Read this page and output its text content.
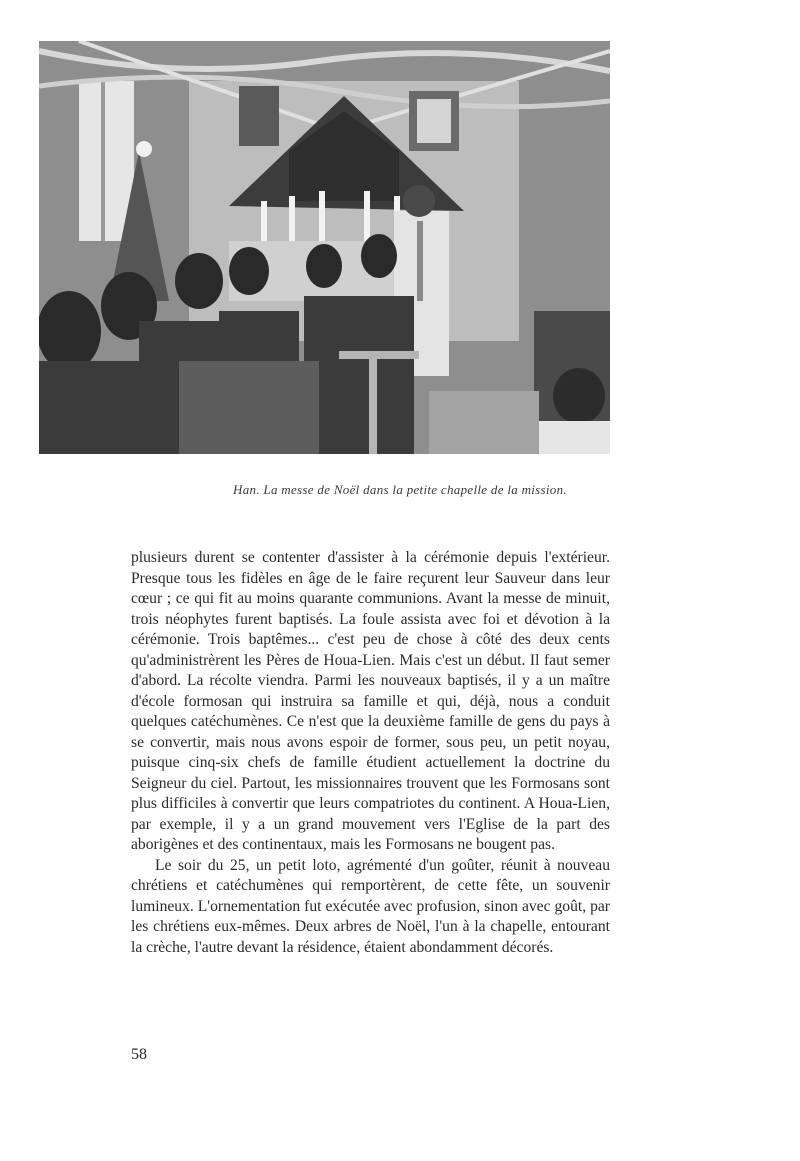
Han. La messe de Noël dans la petite chapelle de la mission.

plusieurs durent se contenter d'assister à la cérémonie depuis l'extérieur. Presque tous les fidèles en âge de le faire reçurent leur Sauveur dans leur cœur ; ce qui fit au moins quarante communions. Avant la messe de minuit, trois néophytes furent baptisés. La foule assista avec foi et dévotion à la cérémonie. Trois baptêmes... c'est peu de chose à côté des deux cents qu'administrèrent les Pères de Houa-Lien. Mais c'est un début. Il faut semer d'abord. La récolte viendra. Parmi les nouveaux baptisés, il y a un maître d'école formosan qui instruira sa famille et qui, déjà, nous a conduit quelques catéchumènes. Ce n'est que la deuxième famille de gens du pays à se convertir, mais nous avons espoir de former, sous peu, un petit noyau, puisque cinq-six chefs de famille étudient actuellement la doctrine du Seigneur du ciel. Partout, les missionnaires trouvent que les Formosans sont plus difficiles à convertir que leurs compatriotes du continent. A Houa-Lien, par exemple, il y a un grand mouvement vers l'Eglise de la part des aborigènes et des continentaux, mais les Formosans ne bougent pas.

Le soir du 25, un petit loto, agrémenté d'un goûter, réunit à nouveau chrétiens et catéchumènes qui remportèrent, de cette fête, un souvenir lumineux. L'ornementation fut exécutée avec profusion, sinon avec goût, par les chrétiens eux-mêmes. Deux arbres de Noël, l'un à la chapelle, entourant la crèche, l'autre devant la résidence, étaient abondamment décorés.

58
